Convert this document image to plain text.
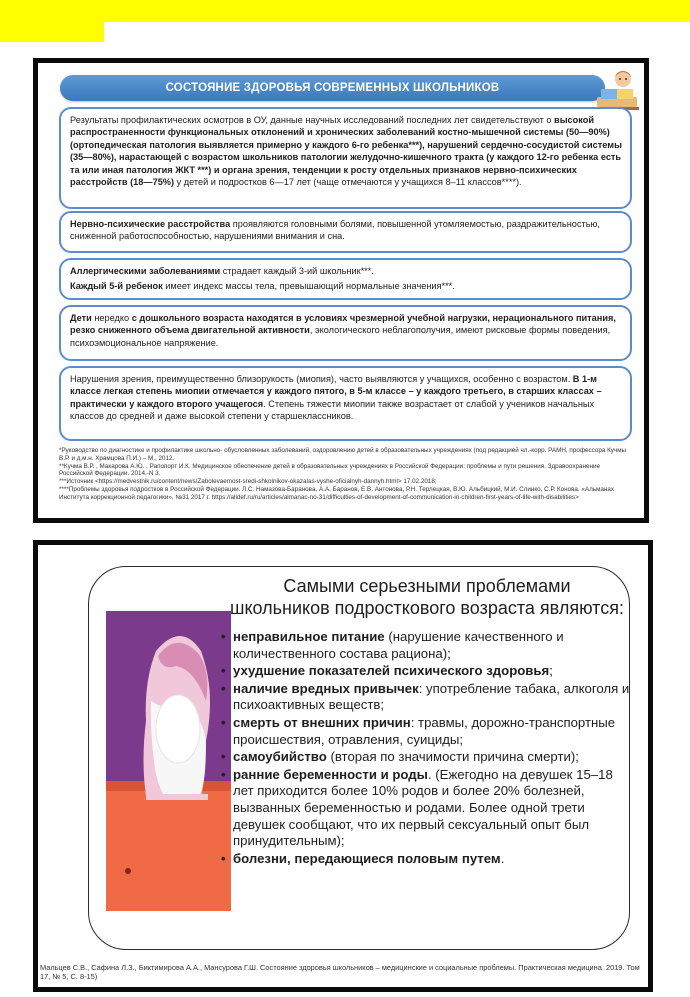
СОСТОЯНИЕ ЗДОРОВЬЯ СОВРЕМЕННЫХ ШКОЛЬНИКОВ

Результаты профилактических осмотров в ОУ, данные научных исследований последних лет свидетельствуют о высокой распространенности функциональных отклонений и хронических заболеваний костно-мышечной системы (50—90%) (ортопедическая патология выявляется примерно у каждого 6-го ребенка***), нарушений сердечно-сосудистой системы (35—80%), нарастающей с возрастом школьников патологии желудочно-кишечного тракта (у каждого 12-го ребенка есть та или иная патология ЖКТ ***) и органа зрения, тенденции к росту отдельных признаков нервно-психических расстройств (18—75%) у детей и подростков 6—17 лет (чаще отмечаются у учащихся 8–11 классов****).

Нервно-психические расстройства проявляются головными болями, повышенной утомляемостью, раздражительностью, сниженной работоспособностью, нарушениями внимания и сна.

Аллергическими заболеваниями страдает каждый 3-ий школьник***.

Каждый 5-й ребенок имеет индекс массы тела, превышающий нормальные значения***.

Дети нередко с дошкольного возраста находятся в условиях чрезмерной учебной нагрузки, нерационального питания, резко сниженного объема двигательной активности, экологического неблагополучия, имеют рисковые формы поведения, психоэмоциональное напряжение.

Нарушения зрения, преимущественно близорукость (миопия), часто выявляются у учащихся, особенно с возрастом. В 1-м классе легкая степень миопии отмечается у каждого пятого, в 5-м классе – у каждого третьего, в старших классах – практически у каждого второго учащегося. Степень тяжести миопии также возрастает от слабой у учеников начальных классов до средней и даже высокой степени у старшеклассников.

*Руководство по диагностике и профилактике школьно- обусловленных заболеваний, оздоровлению детей в образовательных учреждениях (под редакцией чл.-корр. РАМН, профессора Кучмы В.Р. и д.м.н. Храмцова П.И.) – М., 2012.
**Кучма В.Р. , Макарова А.Ю. , Рапопорт И.К. Медицинское обеспечение детей в образовательных учреждениях в Российской Федерации: проблемы и пути решения. Здравоохранение Российской Федерации. 2014.-N 3.
***Источник <https://medvestnik.ru/content/news/Zabolevaemost-sredi-shkolnikov-okazalas-vyshe-oficialnyh-dannyh.html> 17.02.2018;
****Проблемы здоровья подростков в Российской Федерации. Л.С. Намазова-Баранова, А.А. Баранов, Е.В. Антонова, Р.Н. Терлецкая, В.Ю. Альбицкий, М.И. Слинко, С.Р. Конова. «Альманах Института коррекционной педагогики», №31 2017 г. https://alldef.ru/ru/articles/almanac-no-31/difficulties-of-development-of-communication-in-children-first-years-of-life-with-disabilities>
Самыми серьезными проблемами
школьников подросткового возраста являются:
• неправильное питание (нарушение качественного и количественного состава рациона);
• ухудшение показателей психического здоровья;
• наличие вредных привычек: употребление табака, алкоголя и психоактивных веществ;
• смерть от внешних причин: травмы, дорожно-транспортные происшествия, отравления, суициды;
• самоубийство (вторая по значимости причина смерти);
• ранние беременности и роды. (Ежегодно на девушек 15–18 лет приходится более 10% родов и более 20% болезней, вызванных беременностью и родами. Более одной трети девушек сообщают, что их первый сексуальный опыт был принудительным);
• болезни, передающиеся половым путем.
Мальцев С.В., Сафина Л.З., Биктимирова А.А., Мансурова Г.Ш. Состояние здоровья школьников – медицинские и социальные проблемы. Практическая медицина. 2019. Том 17, № 5, С. 8-15)
